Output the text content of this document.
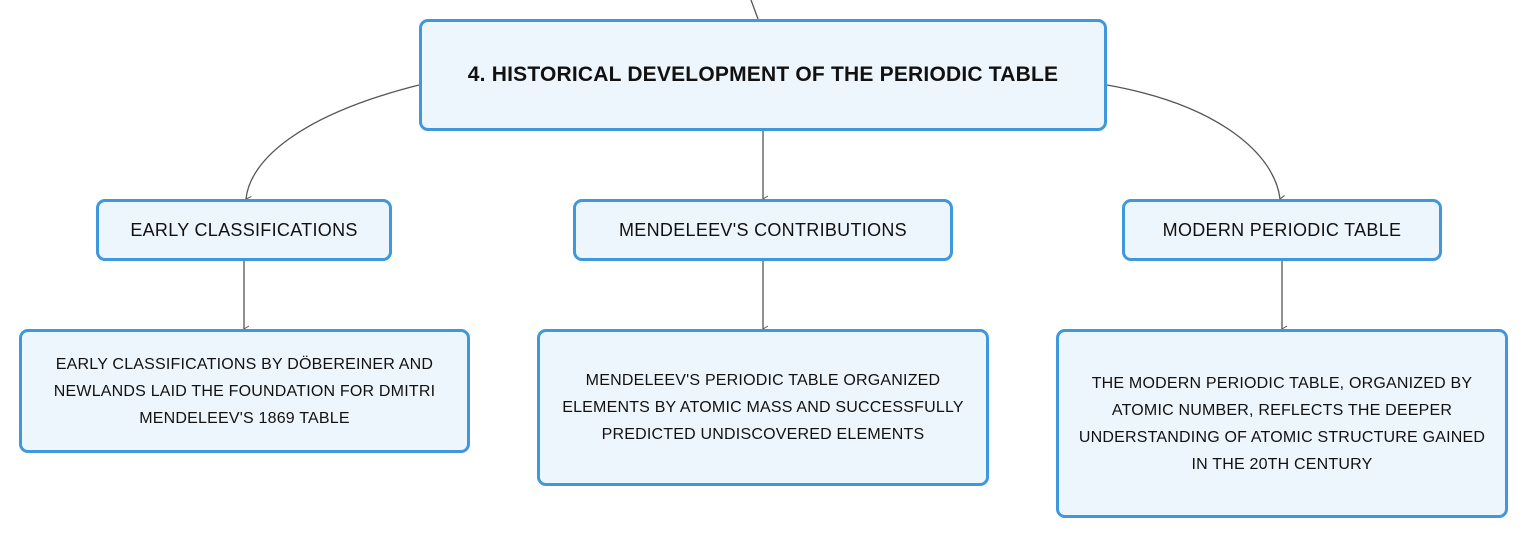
4. HISTORICAL DEVELOPMENT OF THE PERIODIC TABLE
EARLY CLASSIFICATIONS	MENDELEEV'S CONTRIBUTIONS	MODERN PERIODIC TABLE
EARLY CLASSIFICATIONS BY DÖBEREINER AND NEWLANDS LAID THE FOUNDATION FOR DMITRI MENDELEEV'S 1869 TABLE
MENDELEEV'S PERIODIC TABLE ORGANIZED ELEMENTS BY ATOMIC MASS AND SUCCESSFULLY PREDICTED UNDISCOVERED ELEMENTS
THE MODERN PERIODIC TABLE, ORGANIZED BY ATOMIC NUMBER, REFLECTS THE DEEPER UNDERSTANDING OF ATOMIC STRUCTURE GAINED IN THE 20TH CENTURY
